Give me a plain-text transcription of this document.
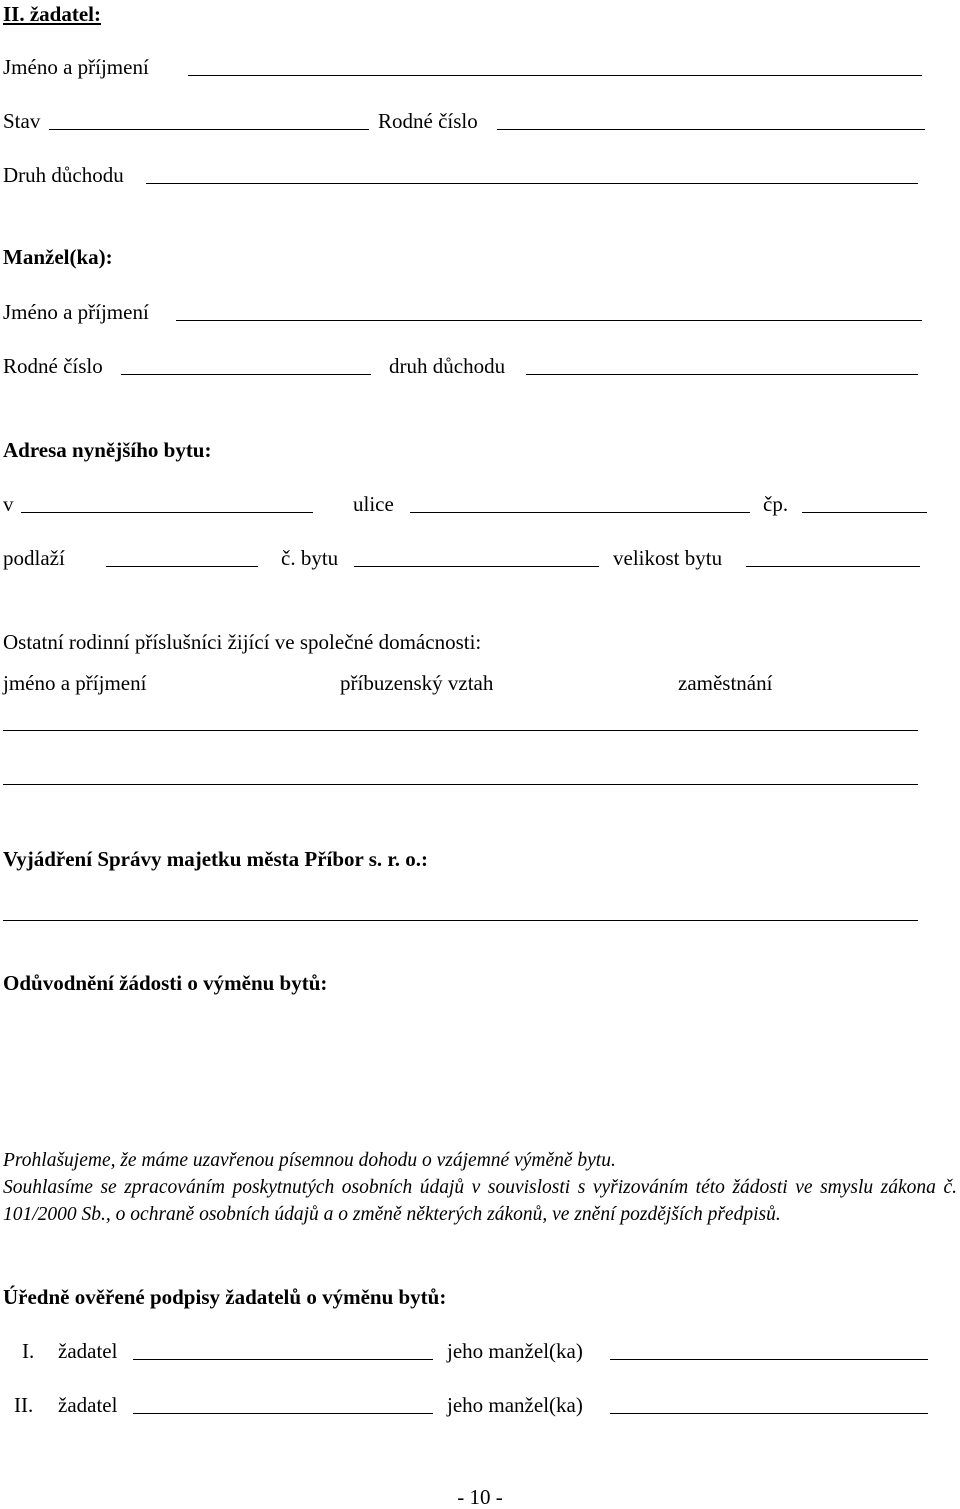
II. žadatel:
Jméno a příjmení
Stav	Rodné číslo
Druh důchodu
Manžel(ka):
Jméno a příjmení
Rodné číslo	druh důchodu
Adresa nynějšího bytu:
v	ulice	čp.
podlaží	č. bytu	velikost bytu
Ostatní rodinní příslušníci žijící ve společné domácnosti:
jméno a příjmení	příbuzenský vztah	zaměstnání
Vyjádření Správy majetku města Příbor s. r. o.:
Odůvodnění žádosti o výměnu bytů:

Prohlašujeme, že máme uzavřenou písemnou dohodu o vzájemné výměně bytu.

Souhlasíme se zpracováním poskytnutých osobních údajů v souvislosti s vyřizováním této žádosti ve smyslu zákona č. 101/2000 Sb., o ochraně osobních údajů a o změně některých zákonů, ve znění pozdějších předpisů.

Úředně ověřené podpisy žadatelů o výměnu bytů:
I. žadatel	jeho manžel(ka)
II. žadatel	jeho manžel(ka)
- 10 -
